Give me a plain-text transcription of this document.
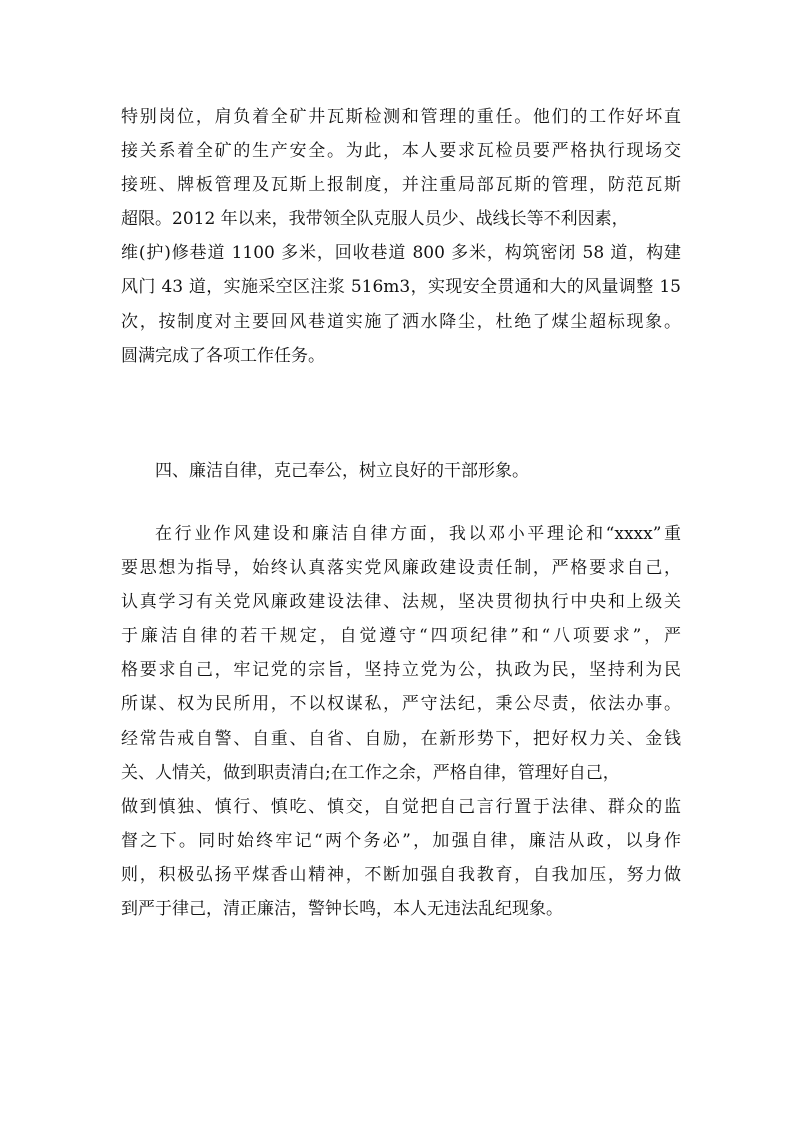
特别岗位，肩负着全矿井瓦斯检测和管理的重任。他们的工作好坏直
接关系着全矿的生产安全。为此，本人要求瓦检员要严格执行现场交
接班、牌板管理及瓦斯上报制度，并注重局部瓦斯的管理，防范瓦斯
超限。2012 年以来，我带领全队克服人员少、战线长等不利因素，
维(护)修巷道 1100 多米，回收巷道 800 多米，构筑密闭 58 道，构建
风门 43 道，实施采空区注浆 516m3，实现安全贯通和大的风量调整 15
次，按制度对主要回风巷道实施了洒水降尘，杜绝了煤尘超标现象。
圆满完成了各项工作任务。
四、廉洁自律，克己奉公，树立良好的干部形象。
在行业作风建设和廉洁自律方面，我以邓小平理论和“xxxx”重
要思想为指导，始终认真落实党风廉政建设责任制，严格要求自己，
认真学习有关党风廉政建设法律、法规，坚决贯彻执行中央和上级关
于廉洁自律的若干规定，自觉遵守“四项纪律”和“八项要求”，严
格要求自己，牢记党的宗旨，坚持立党为公，执政为民，坚持利为民
所谋、权为民所用，不以权谋私，严守法纪，秉公尽责，依法办事。
经常告戒自警、自重、自省、自励，在新形势下，把好权力关、金钱
关、人情关，做到职责清白;在工作之余，严格自律，管理好自己，
做到慎独、慎行、慎吃、慎交，自觉把自己言行置于法律、群众的监
督之下。同时始终牢记“两个务必”，加强自律，廉洁从政，以身作
则，积极弘扬平煤香山精神，不断加强自我教育，自我加压，努力做
到严于律己，清正廉洁，警钟长鸣，本人无违法乱纪现象。
